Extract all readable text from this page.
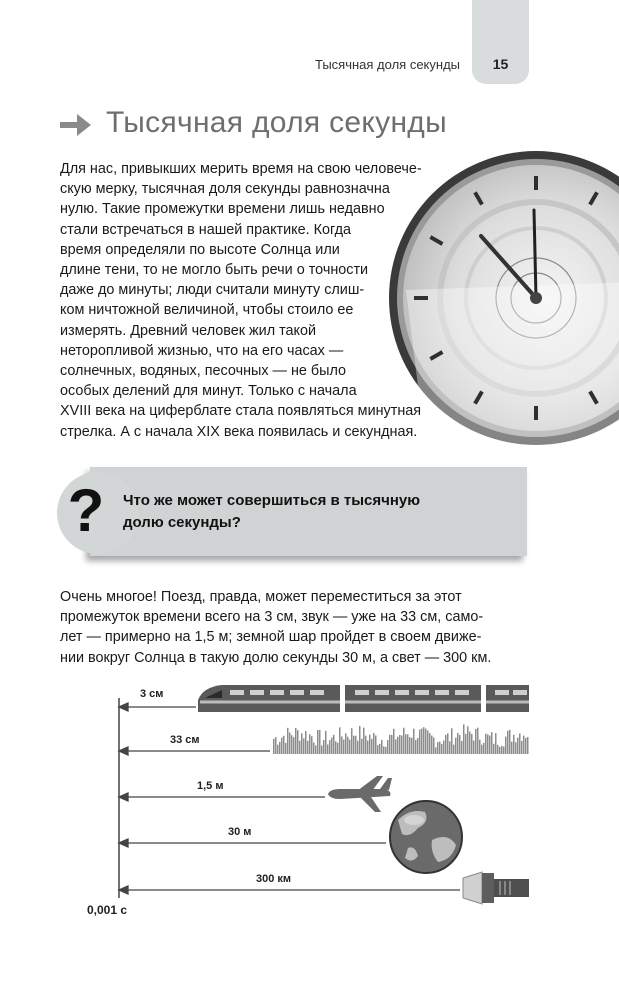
15
Тысячная доля секунды
Тысячная доля секунды

Для нас, привыкших мерить время на свою человече-

скую мерку, тысячная доля секунды равнозначна

нулю. Такие промежутки времени лишь недавно

стали встречаться в нашей практике. Когда

время определяли по высоте Солнца или

длине тени, то не могло быть речи о точности

даже до минуты; люди считали минуту слиш-

ком ничтожной величиной, чтобы стоило ее

измерять. Древний человек жил такой

неторопливой жизнью, что на его часах —

солнечных, водяных, песочных — не было

особых делений для минут. Только с начала

XVIII века на циферблате стала появляться минутная

стрелка. А с начала XIX века появилась и секундная.

?	Что же может совершиться в тысячную

долю секунды?

Очень многое! Поезд, правда, может переместиться за этот

промежуток времени всего на 3 см, звук — уже на 33 см, само-

лет — примерно на 1,5 м; земной шар пройдет в своем движе-

нии вокруг Солнца в такую долю секунды 30 м, а свет — 300 км.

3 см
33 см
1,5 м
30 м
300 км
0,001 с
